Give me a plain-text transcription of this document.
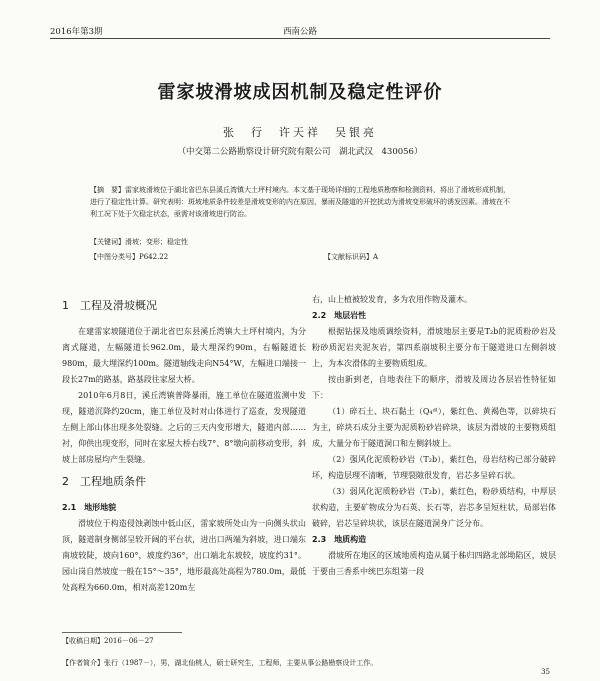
2016年第3期	西南公路
雷家坡滑坡成因机制及稳定性评价
张　行　许天祥　吴银亮
（中交第二公路勘察设计研究院有限公司　湖北武汉　430056）
【摘　要】雷家坡滑坡位于湖北省巴东县溪丘湾镇大土坪村境内。本文基于现场详细的工程地质勘察和检测资料，将出了滑坡形成机制，进行了稳定性计算。研究表明：斑坡地质条件较差是滑坡变形的内在原因，暴雨及隧道的开挖扰动为滑坡变形破坏的诱发因素。滑坡在不利工况下处于欠稳定状态，亟需对该滑坡进行防治。
【关键词】滑坡；变形；稳定性
【中图分类号】P642.22	【文献标识码】A
1　工程及滑坡概况

在建雷家坡隧道位于湖北省巴东县溪丘湾镇大土坪村境内，为分离式隧道，左幅隧道长962.0m，最大埋深约90m，右幅隧道长980m，最大埋深约100m。隧道轴线走向N54°W，左幅进口端接一段长27m的路基，路基段往家屋大桥。

2010年6月8日，溪丘湾镇普降暴雨，施工单位在隧道监测中发现，隧道沉降约20cm，施工单位及时对山体进行了巡查，发现隧道左侧上部山体出现多处裂缝。之后的三天内变形增大，隧道内部……衬，仰供出现变形，同时在家屋大桥右线7°、8°墩向前移动变形，斜坡上部房屋均产生裂缝。

2　工程地质条件
2.1　地形地貌

滑坡位于构造侵蚀剥蚀中低山区，雷家坡所处山为一向侧头状山顶，隧道制身侧部呈较开阔的平台状，进出口两端为斜坡，进口端东南坡较陡，坡向160°，坡度约36°，出口端北东坡较，坡度约31°。园山岗自然坡度一般在15°～35°，地形最高处高程为780.0m，最低处高程为660.0m，相对高差120m左

右，山上植被较发育，多为农用作物及灌木。

2.2　地层岩性

根据钻探及地质调绘资料，滑坡地层主要是T₂b的泥质粉砂岩及粉砂质泥岩夹泥灰岩，第四系崩坡积主要分布于隧道进口左侧斜坡上，为本次滑体的主要物质组成。

按由新到老，自地表往下的顺序，滑坡及周边各层岩性特征如下：

（1）碎石土、块石黏土（Q₄ᵈˡ），紫红色、黄褐色等，以碎块石为主，碎块石成分主要为泥质粉砂岩碎块，该层为滑坡的主要物质组成，大量分布于隧道洞口和左侧斜坡上。

（2）强风化泥质粉砂岩（T₂b），紫红色，母岩结构已部分破碎坏，构造层理不清晰，节理裂隙很发育，岩芯多呈碎石状。

（3）弱风化泥质粉砂岩（T₂b），紫红色，粉砂质结构，中厚层状构造，主要矿物成分为石英、长石等，岩芯多呈短柱状，局部岩体破碎，岩芯呈碎块状，该层在隧道洞身广泛分布。

2.3　地质构造

滑坡所在地区的区域地质构造从属于秭归四路北部坳陷区，坡层于要由三香系中统巴东组第一段

【收稿日期】2016－06－27
【作者简介】张行（1987－），男，湖北仙桃人，硕士研究生，工程师，主要从事公路勘察设计工作。
35
